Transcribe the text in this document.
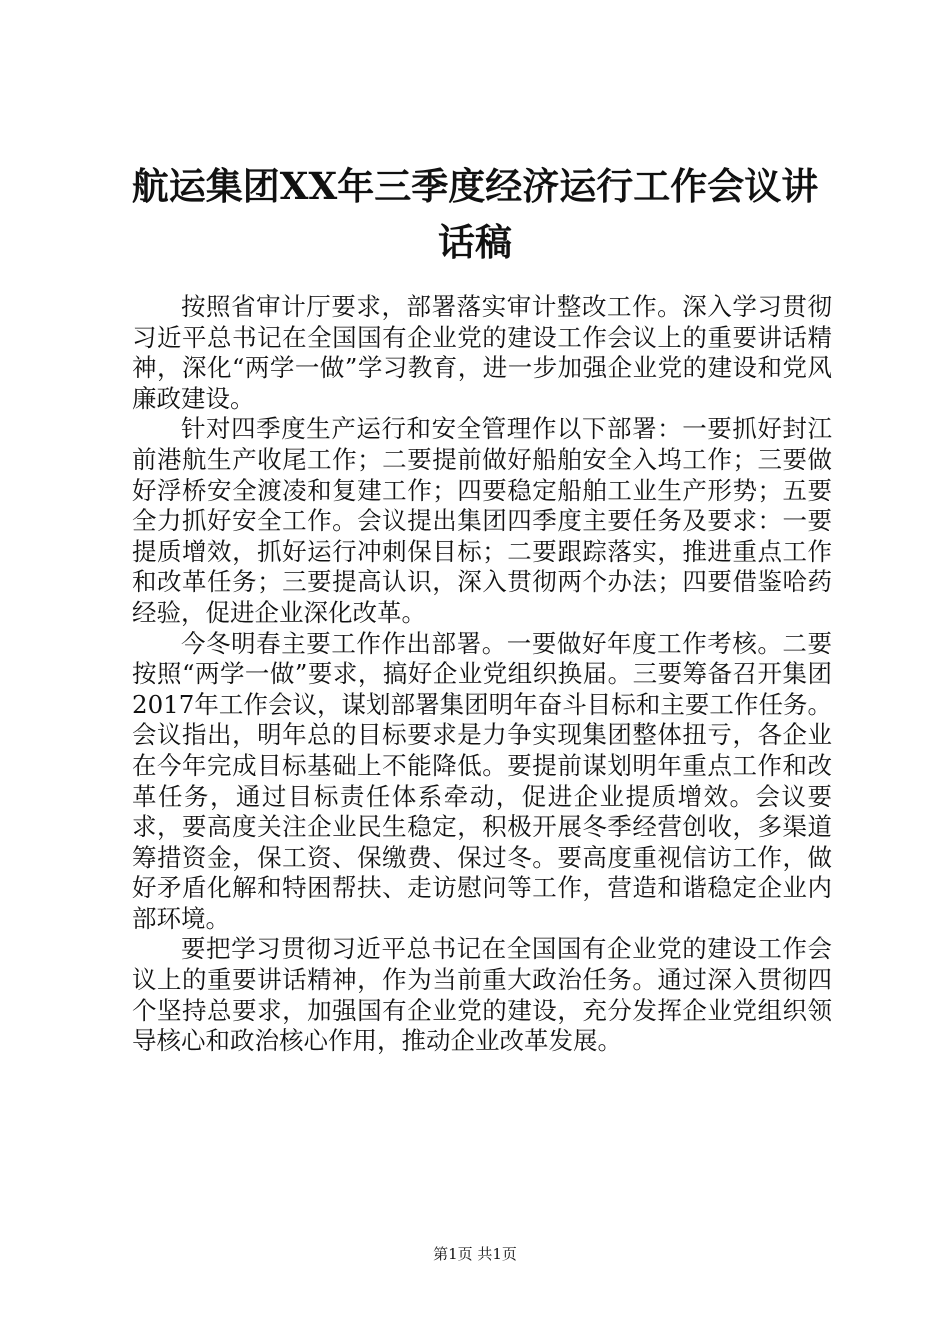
航运集团XX年三季度经济运行工作会议讲话稿

按照省审计厅要求，部署落实审计整改工作。深入学习贯彻习近平总书记在全国国有企业党的建设工作会议上的重要讲话精神，深化“两学一做”学习教育，进一步加强企业党的建设和党风廉政建设。

针对四季度生产运行和安全管理作以下部署：一要抓好封江前港航生产收尾工作；二要提前做好船舶安全入坞工作；三要做好浮桥安全渡凌和复建工作；四要稳定船舶工业生产形势；五要全力抓好安全工作。会议提出集团四季度主要任务及要求：一要提质增效，抓好运行冲刺保目标；二要跟踪落实，推进重点工作和改革任务；三要提高认识，深入贯彻两个办法；四要借鉴哈药经验，促进企业深化改革。

今冬明春主要工作作出部署。一要做好年度工作考核。二要按照“两学一做”要求，搞好企业党组织换届。三要筹备召开集团2017年工作会议，谋划部署集团明年奋斗目标和主要工作任务。会议指出，明年总的目标要求是力争实现集团整体扭亏，各企业在今年完成目标基础上不能降低。要提前谋划明年重点工作和改革任务，通过目标责任体系牵动，促进企业提质增效。会议要求，要高度关注企业民生稳定，积极开展冬季经营创收，多渠道筹措资金，保工资、保缴费、保过冬。要高度重视信访工作，做好矛盾化解和特困帮扶、走访慰问等工作，营造和谐稳定企业内部环境。

要把学习贯彻习近平总书记在全国国有企业党的建设工作会议上的重要讲话精神，作为当前重大政治任务。通过深入贯彻四个坚持总要求，加强国有企业党的建设，充分发挥企业党组织领导核心和政治核心作用，推动企业改革发展。

第1页 共1页
